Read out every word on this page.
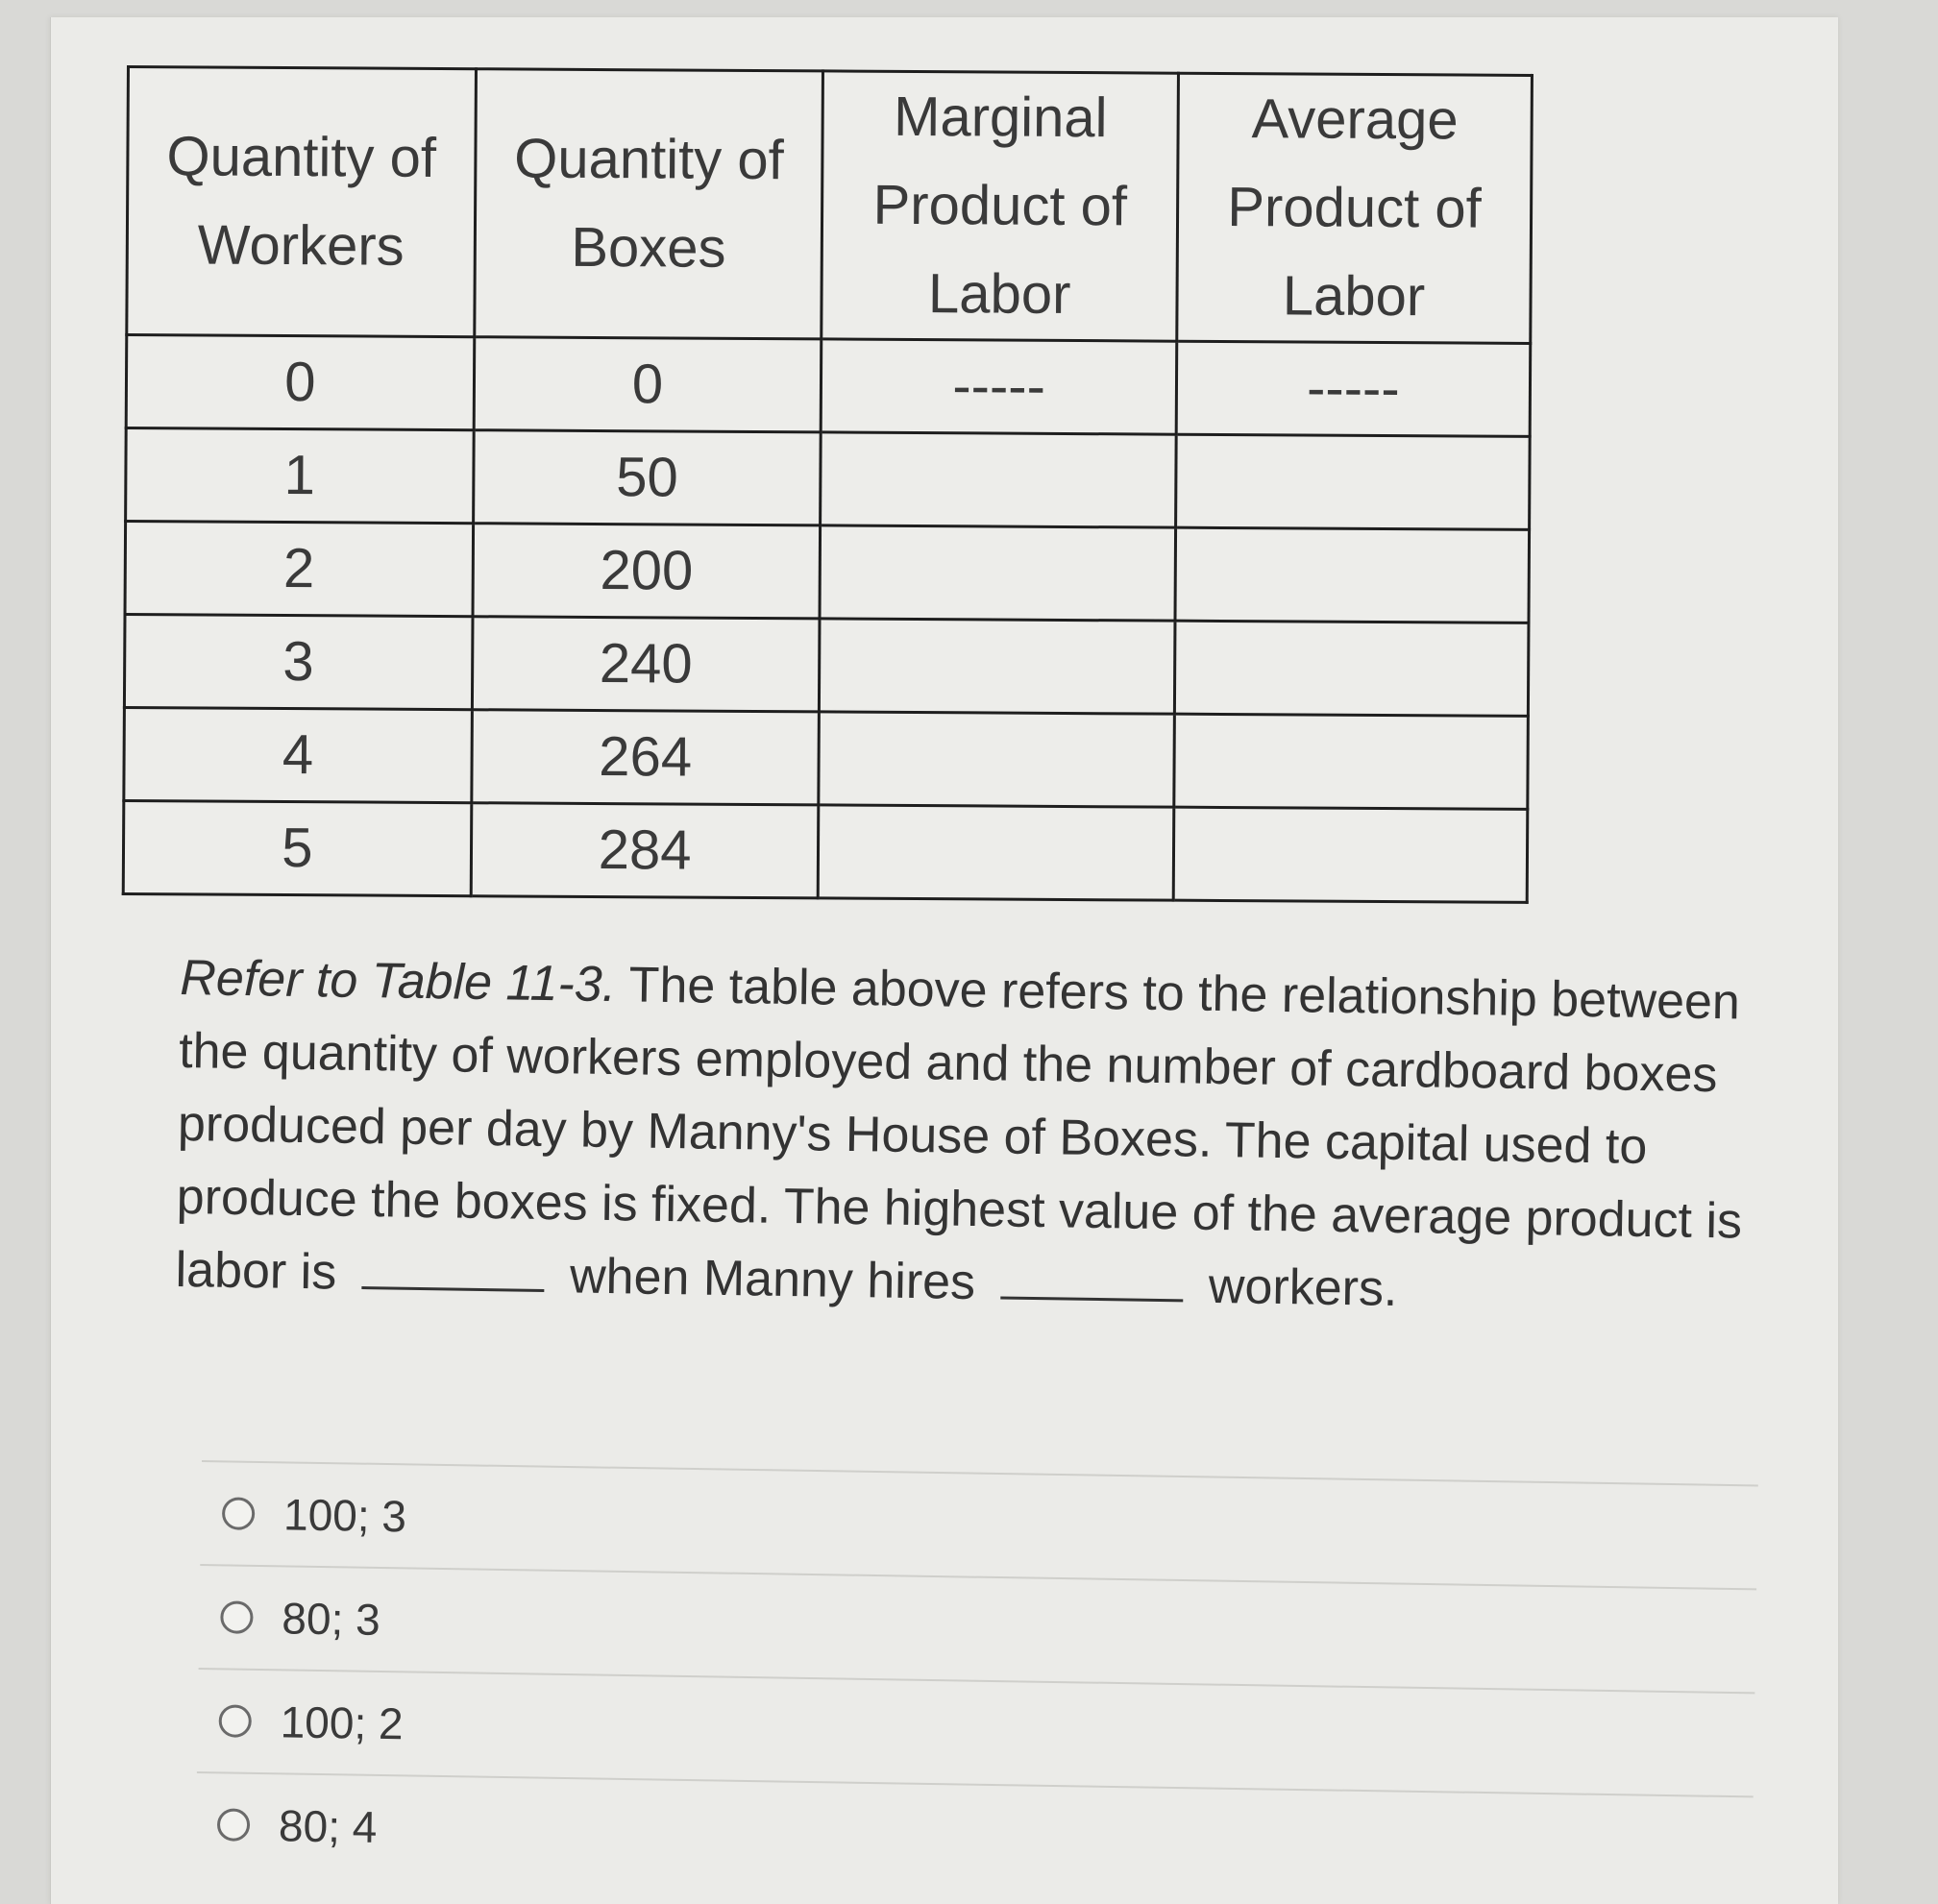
Quantity of
Workers	Quantity of
Boxes	Marginal
Product of
Labor	Average
Product of
Labor

0	0	-----	-----
1	50		
2	200		
3	240		
4	264		
5	284		

Refer to Table 11-3. The table above refers to the relationship between the quantity of workers employed and the number of cardboard boxes produced per day by Manny's House of Boxes. The capital used to produce the boxes is fixed. The highest value of the average product is labor is	when Manny hires	workers.

100; 3
80; 3
100; 2
80; 4
